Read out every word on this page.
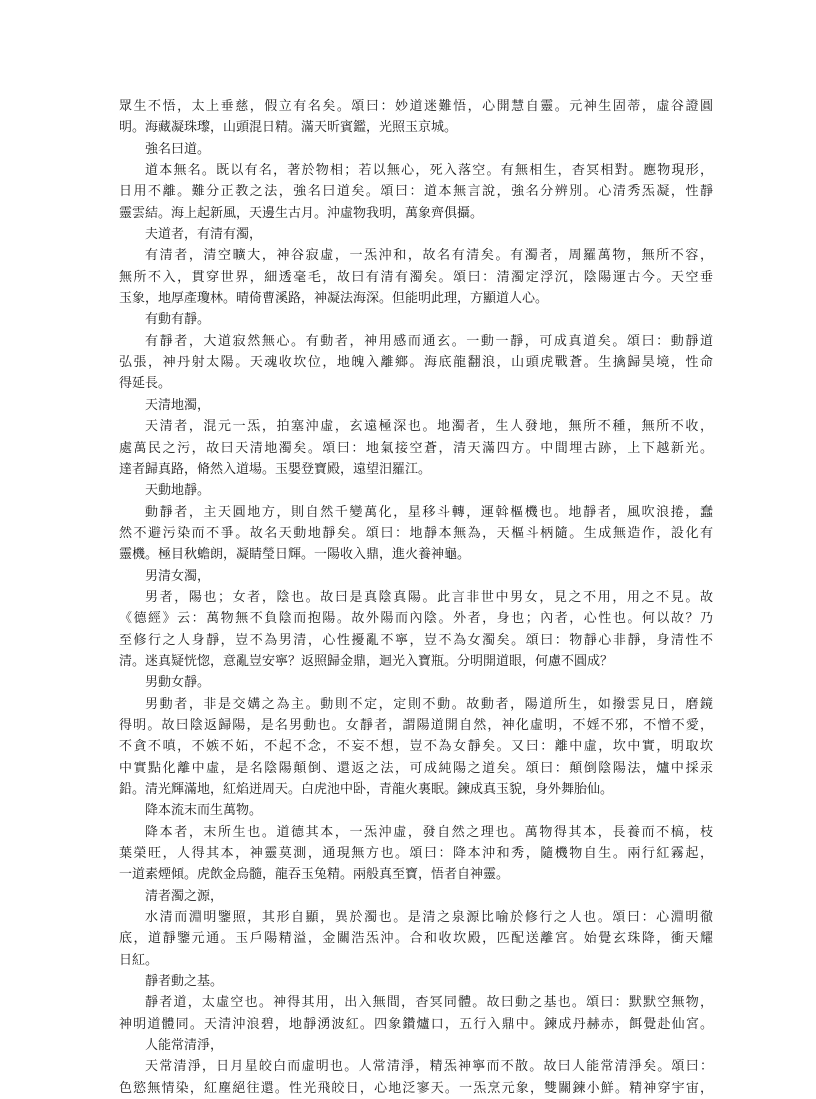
眾生不悟，太上垂慈，假立有名矣。頌曰：妙道迷難悟，心開慧自靈。元神生固蒂，虛谷證圓
明。海藏凝珠瓈，山頭混日精。滿天昕賓鑑，光照玉京城。
強名曰道。
道本無名。既以有名，著於物相；若以無心，死入落空。有無相生，杳冥相對。應物現形，
日用不離。難分正教之法，強名曰道矣。頌曰：道本無言說，強名分辨別。心清秀炁凝，性靜
靈雲結。海上起新風，天邊生古月。沖虛物我明，萬象齊俱攝。
夫道者，有清有濁，
有清者，清空曠大，神谷寂虛，一炁沖和，故名有清矣。有濁者，周羅萬物，無所不容，
無所不入，貫穿世界，細透毫毛，故曰有清有濁矣。頌曰：清濁定浮沉，陰陽運古今。天空垂
玉象，地厚產瓊林。晴倚曹溪路，神凝法海深。但能明此理，方顯道人心。
有動有靜。
有靜者，大道寂然無心。有動者，神用感而通玄。一動一靜，可成真道矣。頌曰：動靜道
弘張，神丹射太陽。天魂收坎位，地魄入離鄉。海底龍翻浪，山頭虎戰蒼。生擒歸昊境，性命
得延長。
天清地濁，
天清者，混元一炁，拍塞沖虛，玄遠極深也。地濁者，生人發地，無所不種，無所不收，
處萬民之污，故曰天清地濁矣。頌曰：地氣接空蒼，清天滿四方。中間埋古跡，上下越新光。
達者歸真路，脩然入道場。玉嬰登寶殿，遠望汨羅江。
天動地靜。
動靜者，主天圓地方，則自然千變萬化，星移斗轉，運斡樞機也。地靜者，風吹浪捲，蠢
然不避污染而不爭。故名天動地靜矣。頌曰：地靜本無為，天樞斗柄隨。生成無造作，設化有
靈機。極目秋蟾朗，凝睛瑩日輝。一陽收入鼎，進火養神龜。
男清女濁，
男者，陽也；女者，陰也。故曰是真陰真陽。此言非世中男女，見之不用，用之不見。故
《德經》云：萬物無不負陰而抱陽。故外陽而內陰。外者，身也；內者，心性也。何以故？乃
至修行之人身靜，豈不為男清，心性擾亂不寧，豈不為女濁矣。頌曰：物靜心非靜，身清性不
清。迷真疑恍惚，意亂豈安寧？返照歸金鼎，迴光入寶瓶。分明開道眼，何慮不圓成？
男動女靜。
男動者，非是交媾之為主。動則不定，定則不動。故動者，陽道所生，如撥雲見日，磨鏡
得明。故曰陰返歸陽，是名男動也。女靜者，謂陽道開自然，神化虛明，不婬不邪，不憎不愛，
不貪不嗔，不嫉不妬，不起不念，不妄不想，豈不為女靜矣。又曰：離中虛，坎中實，明取坎
中實點化離中虛，是名陰陽顛倒、還返之法，可成純陽之道矣。頌曰：顛倒陰陽法，爐中採汞
鉛。清光輝滿地，紅焰迸周天。白虎池中卧，青龍火裏眠。鍊成真玉貌，身外舞胎仙。
降本流末而生萬物。
降本者，末所生也。道德其本，一炁沖虛，發自然之理也。萬物得其本，長養而不槁，枝
葉榮旺，人得其本，神靈莫測，通現無方也。頌曰：降本沖和秀，隨機物自生。兩行紅霧起，
一道素煙傾。虎飲金烏髓，龍吞玉兔精。兩般真至寶，悟者自神靈。
清者濁之源，
水清而淵明鑒照，其形自顯，異於濁也。是清之泉源比喻於修行之人也。頌曰：心淵明徹
底，道靜鑒元通。玉戶陽精溢，金關浩炁沖。合和收坎殿，匹配送離宮。始覺玄珠降，衝天耀
日紅。
靜者動之基。
靜者道，太虛空也。神得其用，出入無間，杳冥同體。故曰動之基也。頌曰：默默空無物，
神明道體同。天清沖浪碧，地靜湧波紅。四象鑽爐口，五行入鼎中。鍊成丹赫赤，餌覺赴仙宮。
人能常清淨，
天常清淨，日月星皎白而虛明也。人常清淨，精炁神寧而不散。故曰人能常清淨矣。頌曰：
色慾無情染，紅塵絕往還。性光飛皎日，心地泛寥天。一炁烹元象，雙關鍊小鮮。精神穿宇宙，
